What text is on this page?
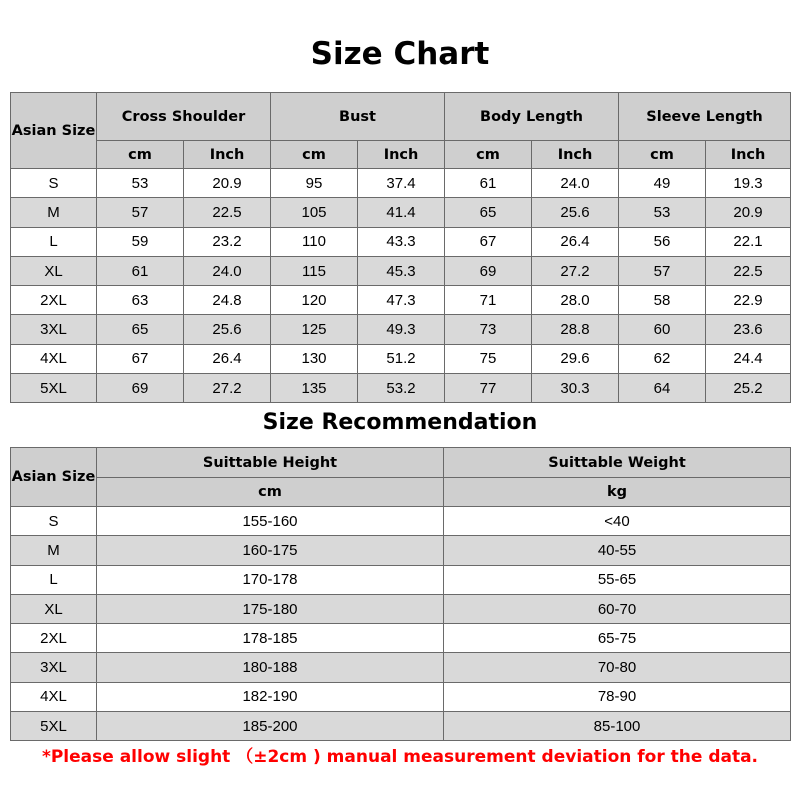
Size Chart
Asian Size	Cross Shoulder		Bust		Body Length		Sleeve Length	
	cm	Inch	cm	Inch	cm	Inch	cm	Inch
S	53	20.9	95	37.4	61	24.0	49	19.3
M	57	22.5	105	41.4	65	25.6	53	20.9
L	59	23.2	110	43.3	67	26.4	56	22.1
XL	61	24.0	115	45.3	69	27.2	57	22.5
2XL	63	24.8	120	47.3	71	28.0	58	22.9
3XL	65	25.6	125	49.3	73	28.8	60	23.6
4XL	67	26.4	130	51.2	75	29.6	62	24.4
5XL	69	27.2	135	53.2	77	30.3	64	25.2
Size Recommendation
Asian Size	Suittable Height	Suittable Weight
	cm	kg
S	155-160	<40
M	160-175	40-55
L	170-178	55-65
XL	175-180	60-70
2XL	178-185	65-75
3XL	180-188	70-80
4XL	182-190	78-90
5XL	185-200	85-100
*Please allow slight （±2cm ) manual measurement deviation for the data.
